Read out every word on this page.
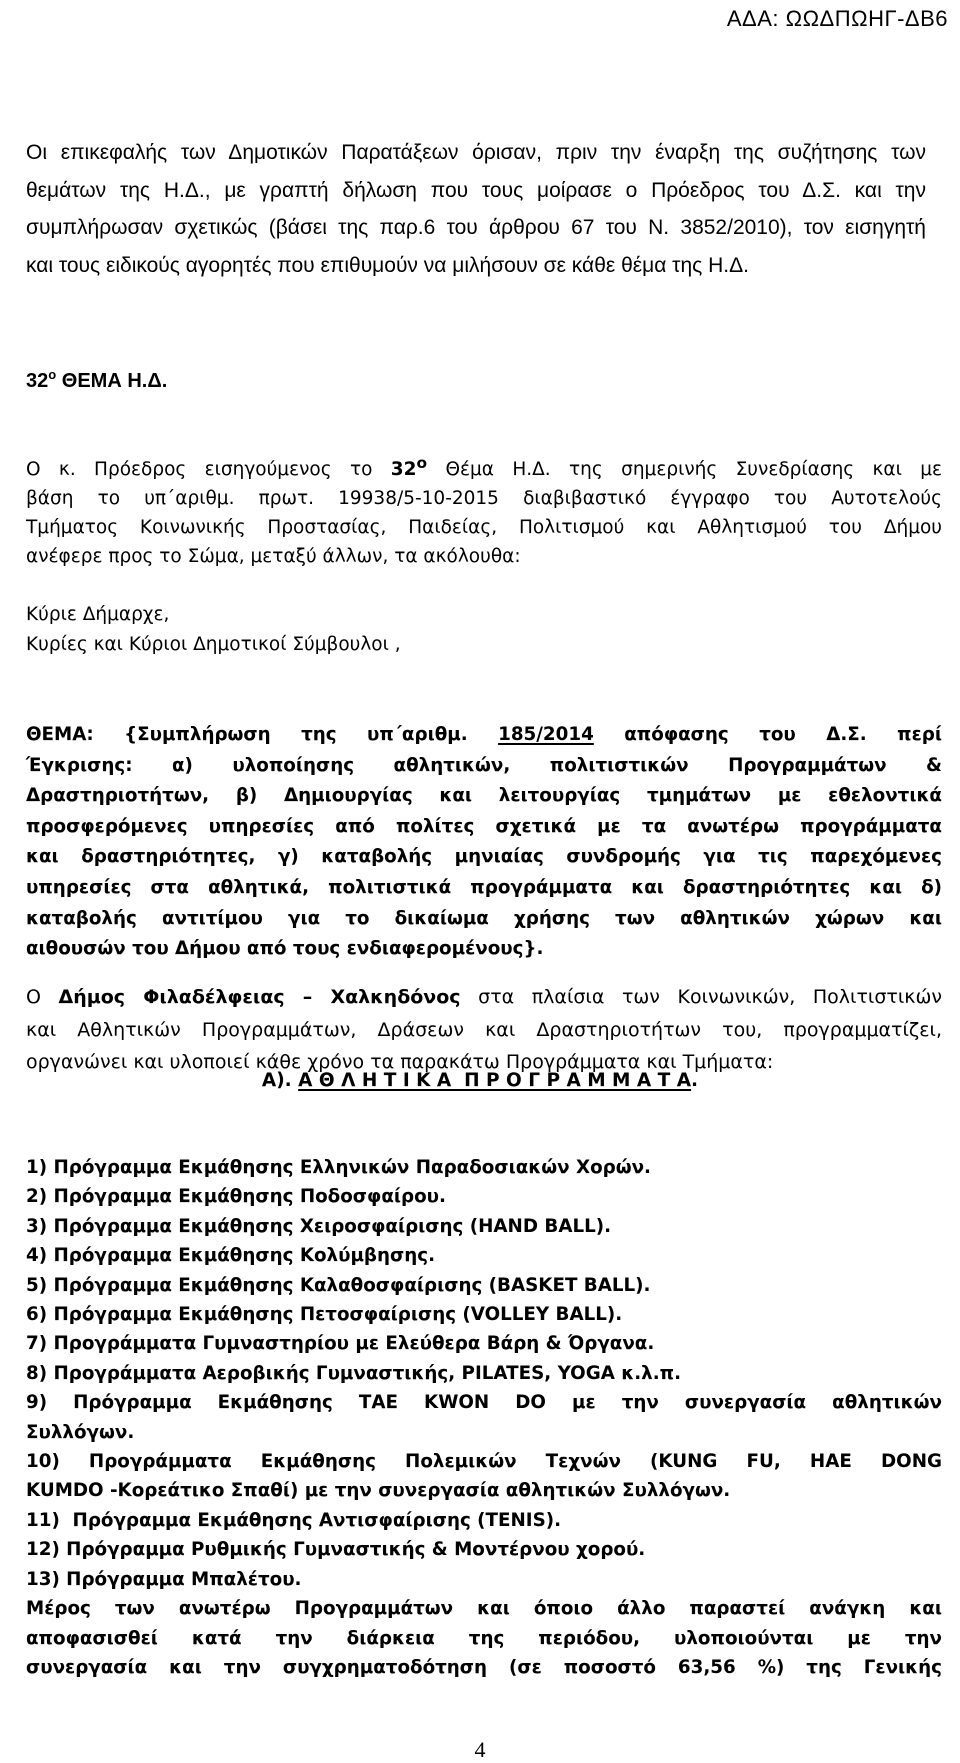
ΑΔΑ: ΩΩΔΠΩΗΓ-ΔΒ6
Οι επικεφαλής των Δημοτικών Παρατάξεων όρισαν, πριν την έναρξη της συζήτησης των
θεμάτων της Η.Δ., με γραπτή δήλωση που τους μοίρασε ο Πρόεδρος του Δ.Σ. και την
συμπλήρωσαν σχετικώς (βάσει της παρ.6 του άρθρου 67 του Ν. 3852/2010), τον εισηγητή
και τους ειδικούς αγορητές που επιθυμούν να μιλήσουν σε κάθε θέμα της Η.Δ.
$32^o$ ΘΕΜΑ Η.Δ.
Ο κ. Πρόεδρος εισηγούμενος το $32^o$ Θέμα Η.Δ. της σημερινής Συνεδρίασης και με
βάση το υπ΄αριθμ. πρωτ. 19938/5-10-2015 διαβιβαστικό έγγραφο του Αυτοτελούς
Τμήματος Κοινωνικής Προστασίας, Παιδείας, Πολιτισμού και Αθλητισμού του Δήμου
ανέφερε προς το Σώμα, μεταξύ άλλων, τα ακόλουθα:
Κύριε Δήμαρχε,
Κυρίες και Κύριοι Δημοτικοί Σύμβουλοι ,
ΘΕΜΑ: {Συμπλήρωση της υπ΄αριθμ. 185/2014 απόφασης του Δ.Σ. περί
Έγκρισης: α) υλοποίησης αθλητικών, πολιτιστικών Προγραμμάτων &
Δραστηριοτήτων, β) Δημιουργίας και λειτουργίας τμημάτων με εθελοντικά
προσφερόμενες υπηρεσίες από πολίτες σχετικά με τα ανωτέρω προγράμματα
και δραστηριότητες, γ) καταβολής μηνιαίας συνδρομής για τις παρεχόμενες
υπηρεσίες στα αθλητικά, πολιτιστικά προγράμματα και δραστηριότητες και δ)
καταβολής αντιτίμου για το δικαίωμα χρήσης των αθλητικών χώρων και
αιθουσών του Δήμου από τους ενδιαφερομένους}.
Ο Δήμος Φιλαδέλφειας – Χαλκηδόνος στα πλαίσια των Κοινωνικών, Πολιτιστικών
και Αθλητικών Προγραμμάτων, Δράσεων και Δραστηριοτήτων του, προγραμματίζει,
οργανώνει και υλοποιεί κάθε χρόνο τα παρακάτω Προγράμματα και Τμήματα:
Α). Α Θ Λ Η Τ Ι Κ Α  Π Ρ Ο Γ Ρ Α Μ Μ Α Τ Α.
1) Πρόγραμμα Εκμάθησης Ελληνικών Παραδοσιακών Χορών.
2) Πρόγραμμα Εκμάθησης Ποδοσφαίρου.
3) Πρόγραμμα Εκμάθησης Χειροσφαίρισης (HAND BALL).
4) Πρόγραμμα Εκμάθησης Κολύμβησης.
5) Πρόγραμμα Εκμάθησης Καλαθοσφαίρισης (BASKET BALL).
6) Πρόγραμμα Εκμάθησης Πετοσφαίρισης (VOLLEY BALL).
7) Προγράμματα Γυμναστηρίου με Ελεύθερα Βάρη & Όργανα.
8) Προγράμματα Αεροβικής Γυμναστικής, PILATES, YOGA κ.λ.π.
9) Πρόγραμμα Εκμάθησης ΤΑΕ KWON DO με την συνεργασία αθλητικών
Συλλόγων.
10) Προγράμματα Εκμάθησης Πολεμικών Τεχνών (KUNG FU, HAE DONG
KUMDO -Κορεάτικο Σπαθί) με την συνεργασία αθλητικών Συλλόγων.
11)  Πρόγραμμα Εκμάθησης Αντισφαίρισης (TENIS).
12) Πρόγραμμα Ρυθμικής Γυμναστικής & Μοντέρνου χορού.
13) Πρόγραμμα Μπαλέτου.
Μέρος των ανωτέρω Προγραμμάτων και όποιο άλλο παραστεί ανάγκη και
αποφασισθεί κατά την διάρκεια της περιόδου, υλοποιούνται με την
συνεργασία και την συγχρηματοδότηση (σε ποσοστό 63,56 %) της Γενικής
4
